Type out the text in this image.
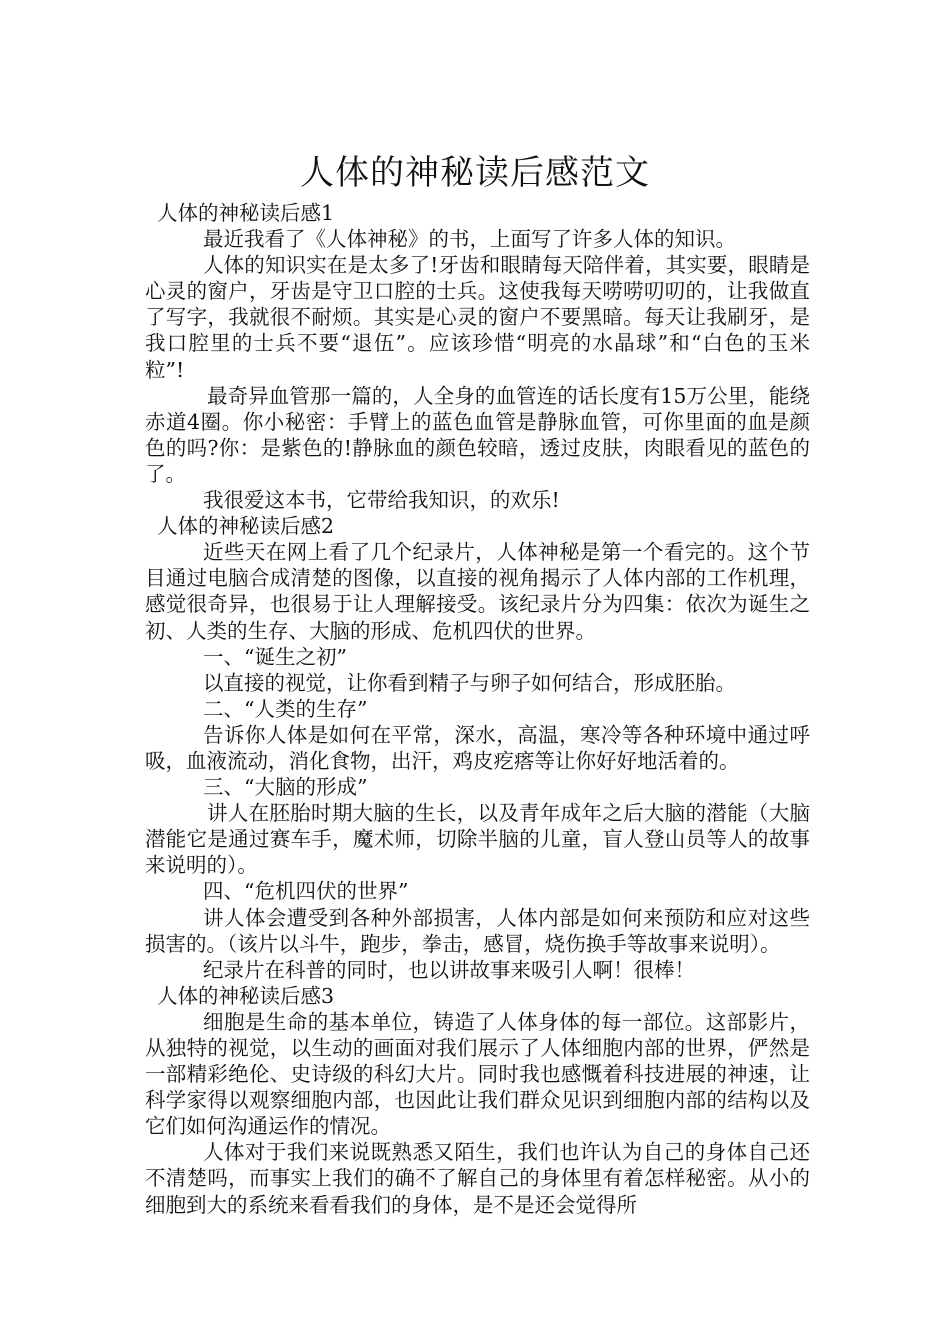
人体的神秘读后感范文

人体的神秘读后感1

最近我看了《人体神秘》的书，上面写了许多人体的知识。

人体的知识实在是太多了!牙齿和眼睛每天陪伴着，其实要，眼睛是心灵的窗户，牙齿是守卫口腔的士兵。这使我每天唠唠叨叨的，让我做直了写字，我就很不耐烦。其实是心灵的窗户不要黑暗。每天让我刷牙，是我口腔里的士兵不要“退伍”。应该珍惜“明亮的水晶球”和“白色的玉米粒”!

最奇异血管那一篇的，人全身的血管连的话长度有15万公里，能绕赤道4圈。你小秘密：手臂上的蓝色血管是静脉血管，可你里面的血是颜色的吗?你：是紫色的!静脉血的颜色较暗，透过皮肤，肉眼看见的蓝色的了。

我很爱这本书，它带给我知识，的欢乐!

人体的神秘读后感2

近些天在网上看了几个纪录片，人体神秘是第一个看完的。这个节目通过电脑合成清楚的图像，以直接的视角揭示了人体内部的工作机理，感觉很奇异，也很易于让人理解接受。该纪录片分为四集：依次为诞生之初、人类的生存、大脑的形成、危机四伏的世界。

一、“诞生之初”

以直接的视觉，让你看到精子与卵子如何结合，形成胚胎。

二、“人类的生存”

告诉你人体是如何在平常，深水，高温，寒冷等各种环境中通过呼吸，血液流动，消化食物，出汗，鸡皮疙瘩等让你好好地活着的。

三、“大脑的形成”

讲人在胚胎时期大脑的生长，以及青年成年之后大脑的潜能（大脑潜能它是通过赛车手，魔术师，切除半脑的儿童，盲人登山员等人的故事来说明的）。

四、“危机四伏的世界”

讲人体会遭受到各种外部损害，人体内部是如何来预防和应对这些损害的。（该片以斗牛，跑步，拳击，感冒，烧伤换手等故事来说明）。

纪录片在科普的同时，也以讲故事来吸引人啊！很棒！

人体的神秘读后感3

细胞是生命的基本单位，铸造了人体身体的每一部位。这部影片，从独特的视觉，以生动的画面对我们展示了人体细胞内部的世界，俨然是一部精彩绝伦、史诗级的科幻大片。同时我也感慨着科技进展的神速，让科学家得以观察细胞内部，也因此让我们群众见识到细胞内部的结构以及它们如何沟通运作的情况。

人体对于我们来说既熟悉又陌生，我们也许认为自己的身体自己还不清楚吗，而事实上我们的确不了解自己的身体里有着怎样秘密。从小的细胞到大的系统来看看我们的身体，是不是还会觉得所
